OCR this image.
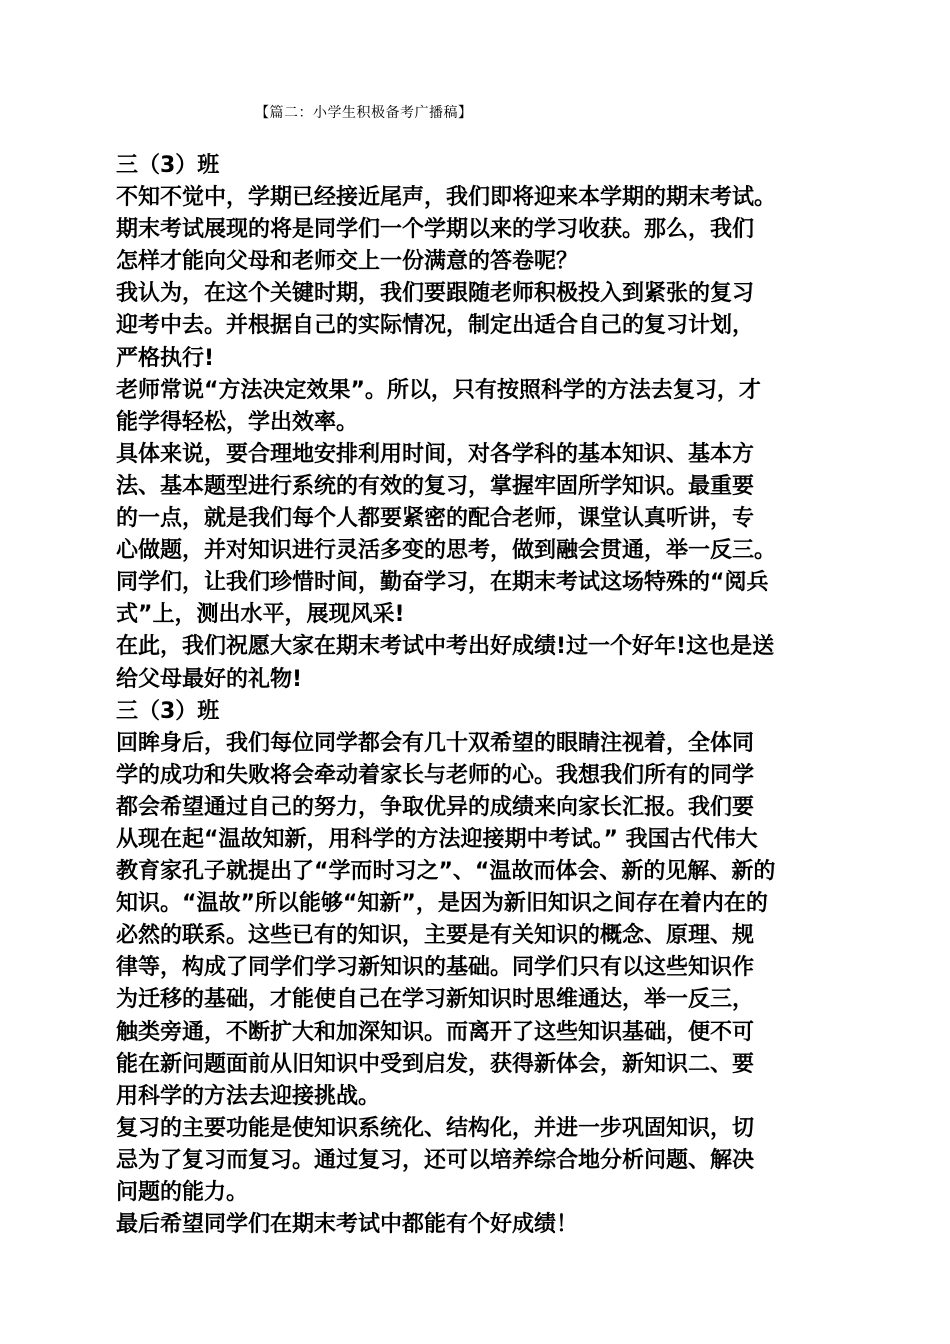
【篇二：小学生积极备考广播稿】
三（3）班
不知不觉中，学期已经接近尾声，我们即将迎来本学期的期末考试。
期末考试展现的将是同学们一个学期以来的学习收获。那么，我们
怎样才能向父母和老师交上一份满意的答卷呢？
我认为，在这个关键时期，我们要跟随老师积极投入到紧张的复习
迎考中去。并根据自己的实际情况，制定出适合自己的复习计划，
严格执行!
老师常说“方法决定效果”。所以，只有按照科学的方法去复习，才
能学得轻松，学出效率。
具体来说，要合理地安排利用时间，对各学科的基本知识、基本方
法、基本题型进行系统的有效的复习，掌握牢固所学知识。最重要
的一点，就是我们每个人都要紧密的配合老师，课堂认真听讲，专
心做题，并对知识进行灵活多变的思考，做到融会贯通，举一反三。
同学们，让我们珍惜时间，勤奋学习，在期末考试这场特殊的“阅兵
式”上，测出水平，展现风采!
在此，我们祝愿大家在期末考试中考出好成绩!过一个好年!这也是送
给父母最好的礼物!
三（3）班
回眸身后，我们每位同学都会有几十双希望的眼睛注视着，全体同
学的成功和失败将会牵动着家长与老师的心。我想我们所有的同学
都会希望通过自己的努力，争取优异的成绩来向家长汇报。我们要
从现在起“温故知新，用科学的方法迎接期中考试。” 我国古代伟大
教育家孔子就提出了“学而时习之”、“温故而体会、新的见解、新的
知识。“温故”所以能够“知新”，是因为新旧知识之间存在着内在的
必然的联系。这些已有的知识，主要是有关知识的概念、原理、规
律等，构成了同学们学习新知识的基础。同学们只有以这些知识作
为迁移的基础，才能使自己在学习新知识时思维通达，举一反三，
触类旁通，不断扩大和加深知识。而离开了这些知识基础，便不可
能在新问题面前从旧知识中受到启发，获得新体会，新知识二、要
用科学的方法去迎接挑战。
复习的主要功能是使知识系统化、结构化，并进一步巩固知识，切
忌为了复习而复习。通过复习，还可以培养综合地分析问题、解决
问题的能力。
最后希望同学们在期末考试中都能有个好成绩！
